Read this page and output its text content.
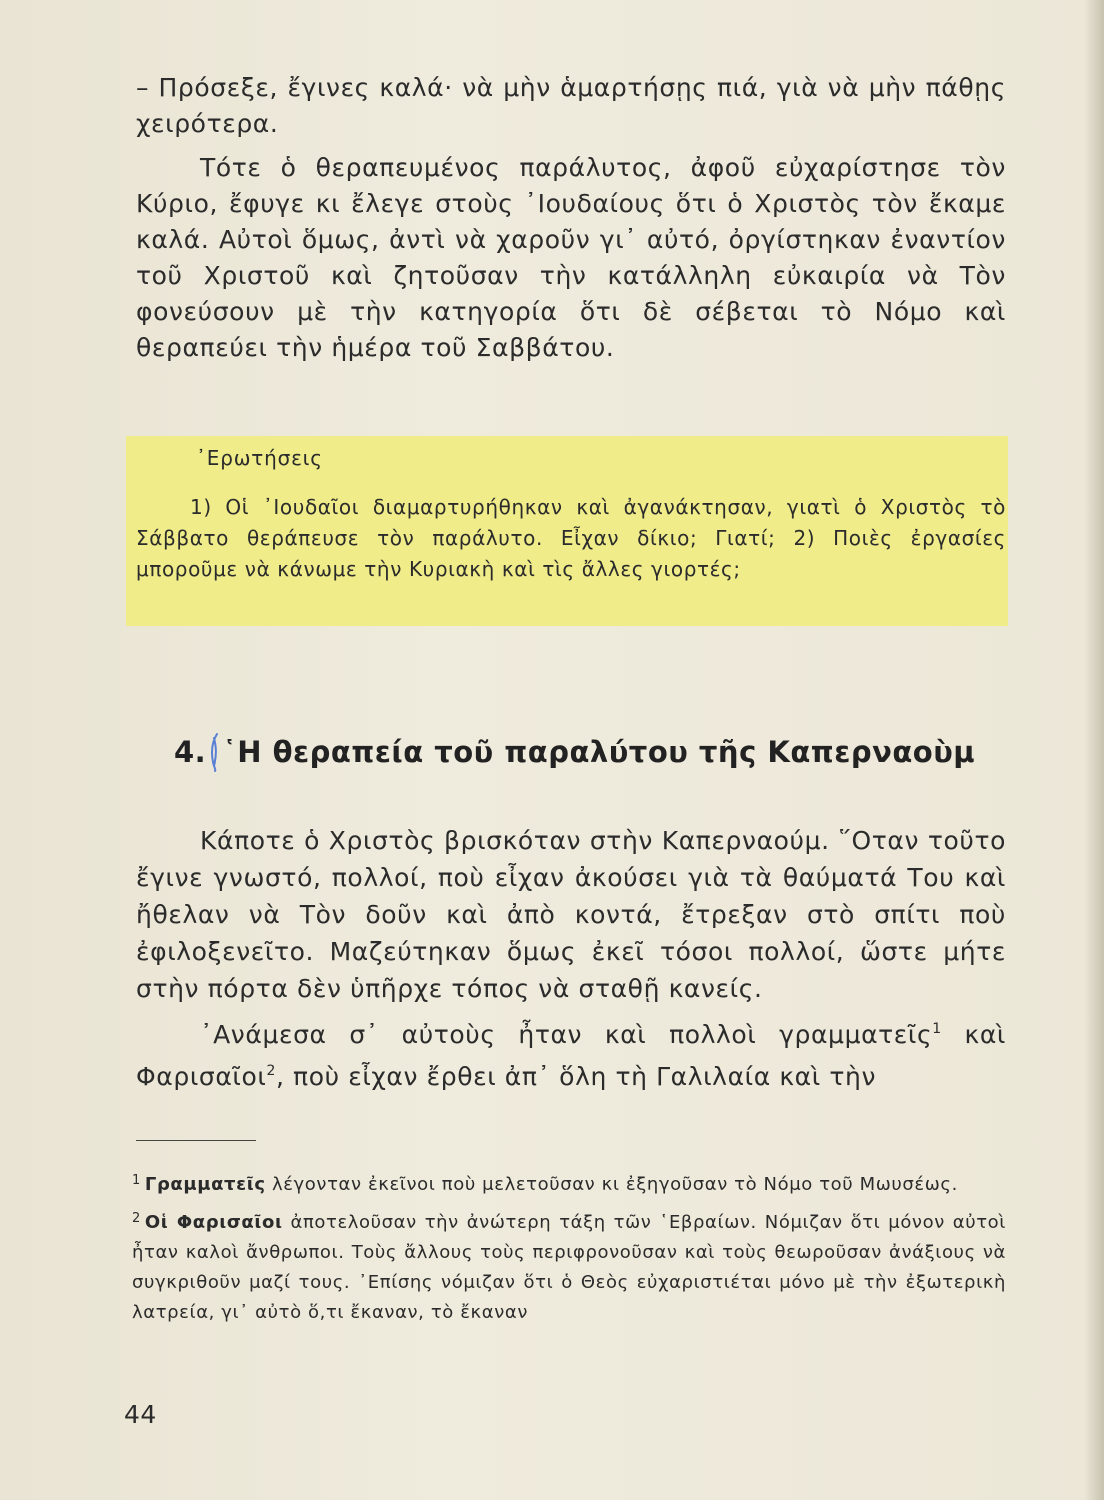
– Πρόσεξε, ἔγινες καλά· νὰ μὴν ἁμαρτήσῃς πιά, γιὰ νὰ μὴν πάθῃς χειρότερα.

Τότε ὁ θεραπευμένος παράλυτος, ἀφοῦ εὐχαρίστησε τὸν Κύριο, ἔφυγε κι ἔλεγε στοὺς ᾽Ιουδαίους ὅτι ὁ Χριστὸς τὸν ἔκαμε καλά. Αὐτοὶ ὅμως, ἀντὶ νὰ χαροῦν γι᾽ αὐτό, ὀργίστηκαν ἐναντίον τοῦ Χριστοῦ καὶ ζητοῦσαν τὴν κατάλληλη εὐκαιρία νὰ Τὸν φονεύσουν μὲ τὴν κατηγορία ὅτι δὲ σέβεται τὸ Νόμο καὶ θεραπεύει τὴν ἡμέρα τοῦ Σαββάτου.

᾽Ερωτήσεις
1) Οἱ ᾽Ιουδαῖοι διαμαρτυρήθηκαν καὶ ἀγανάκτησαν, γιατὶ ὁ Χριστὸς τὸ Σάββατο θεράπευσε τὸν παράλυτο. Εἶχαν δίκιο; Γιατί; 2) Ποιὲς ἐργασίες μποροῦμε νὰ κάνωμε τὴν Κυριακὴ καὶ τὶς ἄλλες γιορτές;
4. ῾Η θεραπεία τοῦ παραλύτου τῆς Καπερναοὺμ

Κάποτε ὁ Χριστὸς βρισκόταν στὴν Καπερναούμ. ῞Οταν τοῦτο ἔγινε γνωστό, πολλοί, ποὺ εἶχαν ἀκούσει γιὰ τὰ θαύματά Του καὶ ἤθελαν νὰ Τὸν δοῦν καὶ ἀπὸ κοντά, ἔτρεξαν στὸ σπίτι ποὺ ἐφιλοξενεῖτο. Μαζεύτηκαν ὅμως ἐκεῖ τόσοι πολλοί, ὥστε μήτε στὴν πόρτα δὲν ὑπῆρχε τόπος νὰ σταθῇ κανείς.

᾽Ανάμεσα σ᾽ αὐτοὺς ἦταν καὶ πολλοὶ γραμματεῖς$^1$ καὶ Φαρισαῖοι$^2$, ποὺ εἶχαν ἔρθει ἀπ᾽ ὅλη τὴ Γαλιλαία καὶ τὴν

$^1$ Γραμματεῖς λέγονταν ἐκεῖνοι ποὺ μελετοῦσαν κι ἐξηγοῦσαν τὸ Νόμο τοῦ Μωυσέως.

$^2$ Οἱ Φαρισαῖοι ἀποτελοῦσαν τὴν ἀνώτερη τάξη τῶν ῾Εβραίων. Νόμιζαν ὅτι μόνον αὐτοὶ ἦταν καλοὶ ἄνθρωποι. Τοὺς ἄλλους τοὺς περιφρονοῦσαν καὶ τοὺς θεωροῦσαν ἀνάξιους νὰ συγκριθοῦν μαζί τους. ᾽Επίσης νόμιζαν ὅτι ὁ Θεὸς εὐχαριστιέται μόνο μὲ τὴν ἐξωτερικὴ λατρεία, γι᾽ αὐτὸ ὅ,τι ἔκαναν, τὸ ἔκαναν

44
